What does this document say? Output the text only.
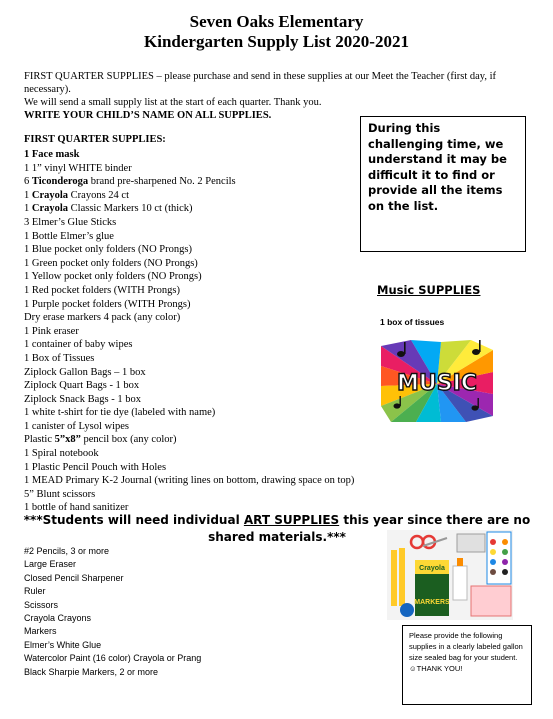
Seven Oaks Elementary
Kindergarten Supply List 2020-2021
FIRST QUARTER SUPPLIES – please purchase and send in these supplies at our Meet the Teacher (first day, if necessary).
We will send a small supply list at the start of each quarter. Thank you.
WRITE YOUR CHILD’S NAME ON ALL SUPPLIES.
FIRST QUARTER SUPPLIES:
1 Face mask
1 1” vinyl WHITE binder
6 Ticonderoga brand pre-sharpened No. 2 Pencils
1 Crayola Crayons 24 ct
1 Crayola Classic Markers 10 ct (thick)
3 Elmer’s Glue Sticks
1 Bottle Elmer’s glue
1 Blue pocket only folders (NO Prongs)
1 Green pocket only folders (NO Prongs)
1 Yellow pocket only folders (NO Prongs)
1 Red pocket folders (WITH Prongs)
1 Purple pocket folders (WITH Prongs)
Dry erase markers 4 pack (any color)
1 Pink eraser
1 container of baby wipes
1 Box of Tissues
Ziplock Gallon Bags – 1 box
Ziplock Quart Bags - 1 box
Ziplock Snack Bags - 1 box
1 white t-shirt for tie dye (labeled with name)
1 canister of Lysol wipes
Plastic 5”x8” pencil box (any color)
1 Spiral notebook
1 Plastic Pencil Pouch with Holes
1 MEAD Primary K-2 Journal (writing lines on bottom, drawing space on top)
5” Blunt scissors
1 bottle of hand sanitizer
During this challenging time, we understand it may be difficult it to find or provide all the items on the list.
Music SUPPLIES
1 box of tissues
MUSIC
***Students will need individual ART SUPPLIES this year since there are no shared materials.***
#2 Pencils, 3 or more
Large Eraser
Closed Pencil Sharpener
Ruler
Scissors
Crayola Crayons
Markers
Elmer’s White Glue
Watercolor Paint (16 color) Crayola or Prang
Black Sharpie Markers, 2 or more
Crayola
MARKERS
Please provide the following supplies in a clearly labeled gallon size sealed bag for your student. ☺THANK YOU!
